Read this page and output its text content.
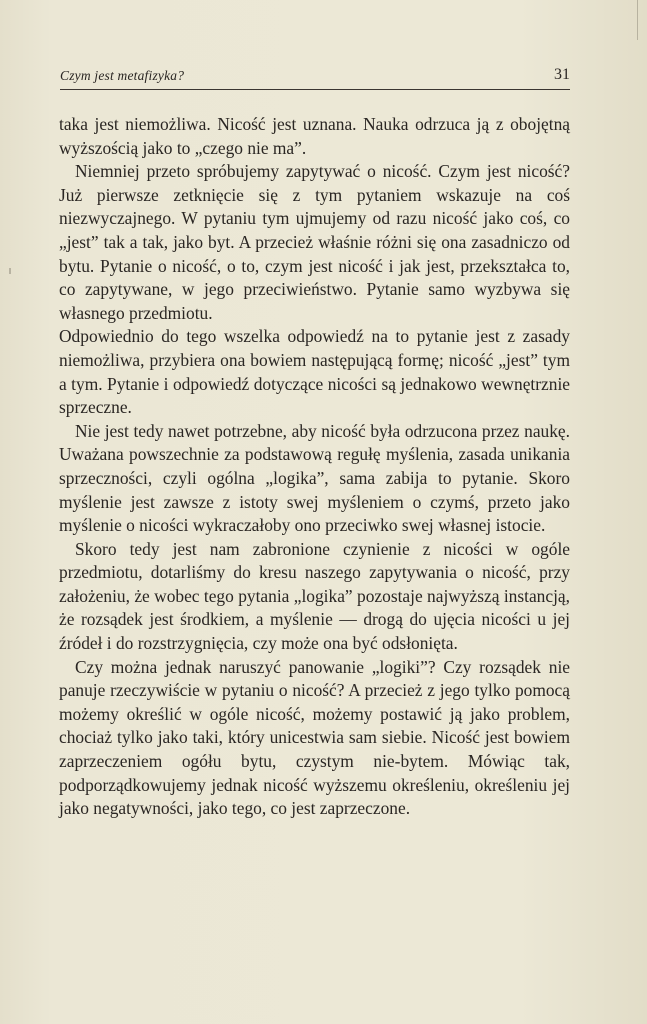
Czym jest metafizyka?	31

taka jest niemożliwa. Nicość jest uznana. Nauka odrzuca ją z obojętną wyższością jako to „czego nie ma”.

Niemniej przeto spróbujemy zapytywać o nicość. Czym jest nicość? Już pierwsze zetknięcie się z tym pytaniem wskazuje na coś niezwyczajnego. W pytaniu tym ujmujemy od razu nicość jako coś, co „jest” tak a tak, jako byt. A przecież właśnie różni się ona zasadniczo od bytu. Pytanie o nicość, o to, czym jest nicość i jak jest, przekształca to, co zapytywane, w jego przeciwieństwo. Pytanie samo wyzbywa się własnego przedmiotu.

Odpowiednio do tego wszelka odpowiedź na to pytanie jest z zasady niemożliwa, przybiera ona bowiem następującą formę; nicość „jest” tym a tym. Pytanie i odpowiedź dotyczące nicości są jednakowo wewnętrznie sprzeczne.

Nie jest tedy nawet potrzebne, aby nicość była odrzucona przez naukę. Uważana powszechnie za podstawową regułę myślenia, zasada unikania sprzeczności, czyli ogólna „logika”, sama zabija to pytanie. Skoro myślenie jest zawsze z istoty swej myśleniem o czymś, przeto jako myślenie o nicości wykraczałoby ono przeciwko swej własnej istocie.

Skoro tedy jest nam zabronione czynienie z nicości w ogóle przedmiotu, dotarliśmy do kresu naszego zapytywania o nicość, przy założeniu, że wobec tego pytania „logika” pozostaje najwyższą instancją, że rozsądek jest środkiem, a myślenie — drogą do ujęcia nicości u jej źródeł i do rozstrzygnięcia, czy może ona być odsłonięta.

Czy można jednak naruszyć panowanie „logiki”? Czy rozsądek nie panuje rzeczywiście w pytaniu o nicość? A przecież z jego tylko pomocą możemy określić w ogóle nicość, możemy postawić ją jako problem, chociaż tylko jako taki, który unicestwia sam siebie. Nicość jest bowiem zaprzeczeniem ogółu bytu, czystym nie-bytem. Mówiąc tak, podporządkowujemy jednak nicość wyższemu określeniu, określeniu jej jako negatywności, jako tego, co jest zaprzeczone.
